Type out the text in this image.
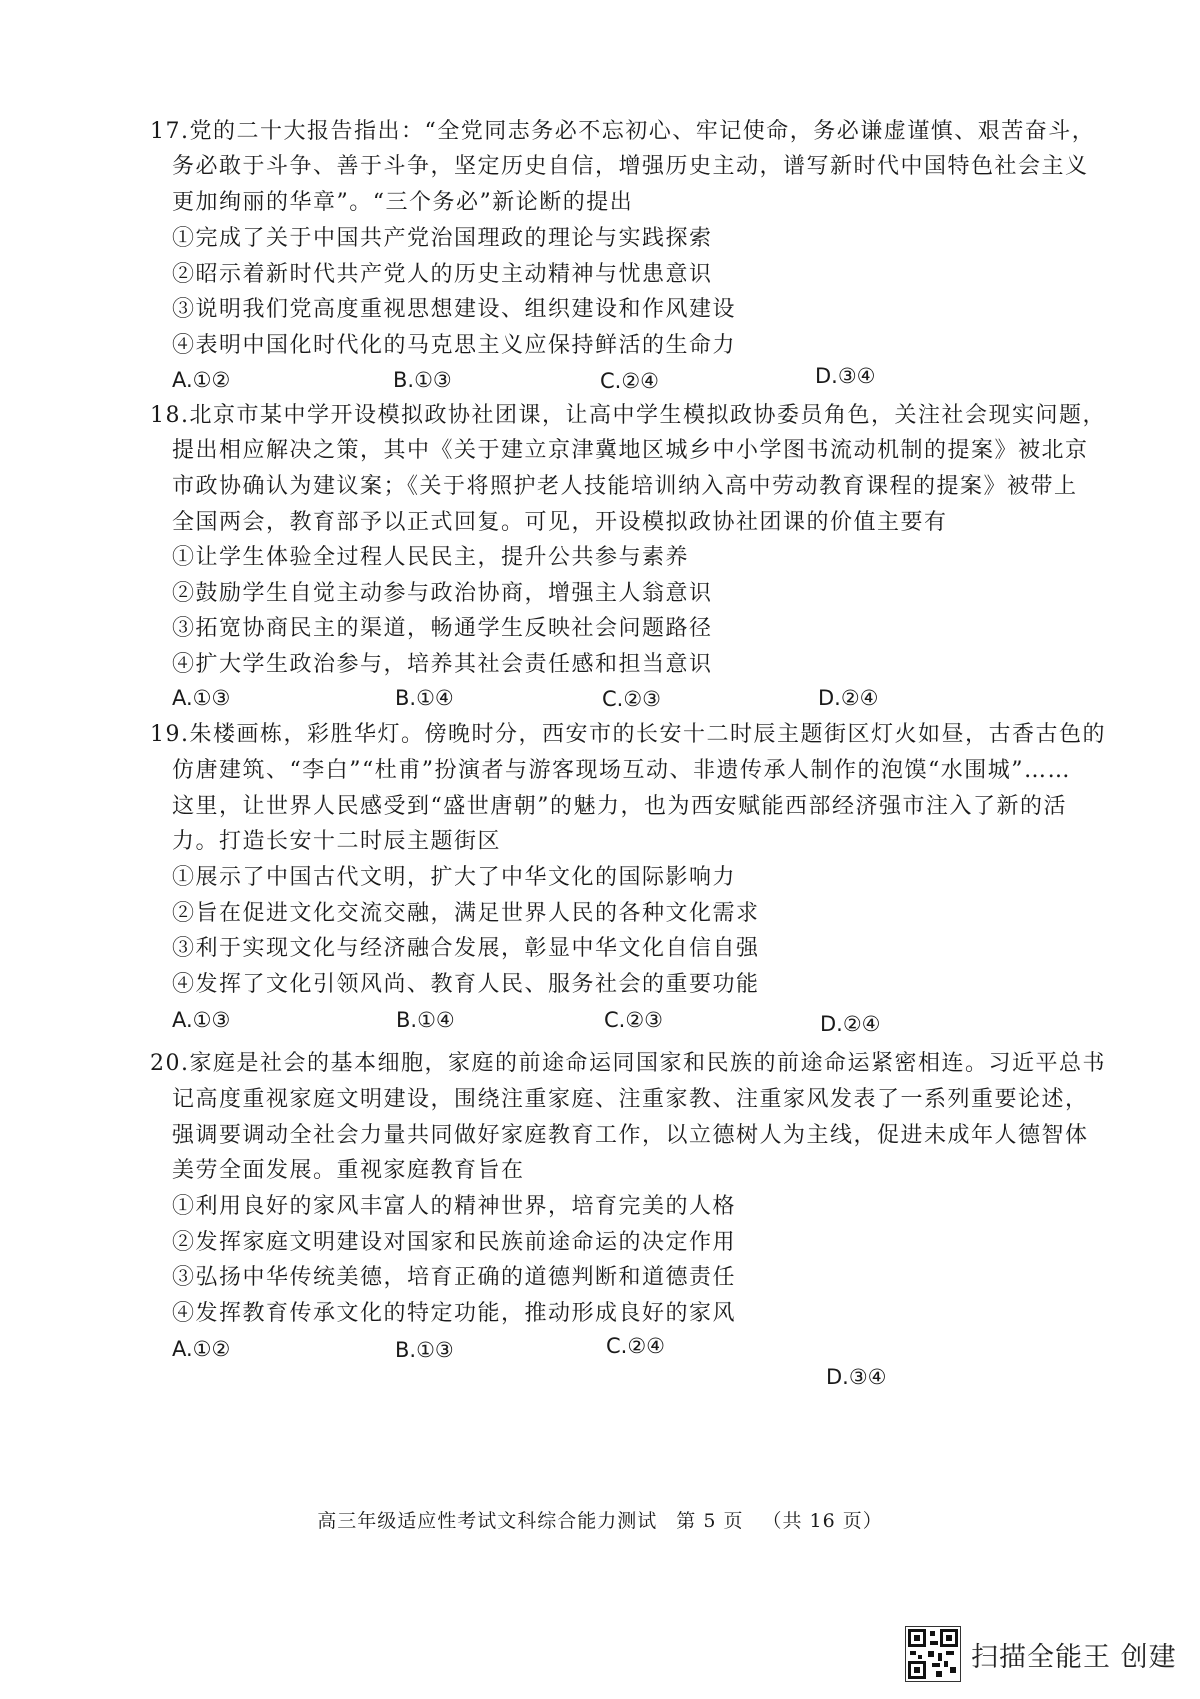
17.党的二十大报告指出：“全党同志务必不忘初心、牢记使命，务必谦虚谨慎、艰苦奋斗，
务必敢于斗争、善于斗争，坚定历史自信，增强历史主动，谱写新时代中国特色社会主义
更加绚丽的华章”。“三个务必”新论断的提出
①完成了关于中国共产党治国理政的理论与实践探索
②昭示着新时代共产党人的历史主动精神与忧患意识
③说明我们党高度重视思想建设、组织建设和作风建设
④表明中国化时代化的马克思主义应保持鲜活的生命力
A.①②	B.①③	C.②④	D.③④
18.北京市某中学开设模拟政协社团课，让高中学生模拟政协委员角色，关注社会现实问题，
提出相应解决之策，其中《关于建立京津冀地区城乡中小学图书流动机制的提案》被北京
市政协确认为建议案；《关于将照护老人技能培训纳入高中劳动教育课程的提案》被带上
全国两会，教育部予以正式回复。可见，开设模拟政协社团课的价值主要有
①让学生体验全过程人民民主，提升公共参与素养
②鼓励学生自觉主动参与政治协商，增强主人翁意识
③拓宽协商民主的渠道，畅通学生反映社会问题路径
④扩大学生政治参与，培养其社会责任感和担当意识
A.①③	B.①④	C.②③	D.②④
19.朱楼画栋，彩胜华灯。傍晚时分，西安市的长安十二时辰主题街区灯火如昼，古香古色的
仿唐建筑、“李白”“杜甫”扮演者与游客现场互动、非遗传承人制作的泡馍“水围城”……
这里，让世界人民感受到“盛世唐朝”的魅力，也为西安赋能西部经济强市注入了新的活
力。打造长安十二时辰主题街区
①展示了中国古代文明，扩大了中华文化的国际影响力
②旨在促进文化交流交融，满足世界人民的各种文化需求
③利于实现文化与经济融合发展，彰显中华文化自信自强
④发挥了文化引领风尚、教育人民、服务社会的重要功能
A.①③	B.①④	C.②③	D.②④
20.家庭是社会的基本细胞，家庭的前途命运同国家和民族的前途命运紧密相连。习近平总书
记高度重视家庭文明建设，围绕注重家庭、注重家教、注重家风发表了一系列重要论述，
强调要调动全社会力量共同做好家庭教育工作，以立德树人为主线，促进未成年人德智体
美劳全面发展。重视家庭教育旨在
①利用良好的家风丰富人的精神世界，培育完美的人格
②发挥家庭文明建设对国家和民族前途命运的决定作用
③弘扬中华传统美德，培育正确的道德判断和道德责任
④发挥教育传承文化的特定功能，推动形成良好的家风
A.①②	B.①③	C.②④
D.③④
高三年级适应性考试文科综合能力测试 第 5 页 （共 16 页）
扫描全能王 创建
